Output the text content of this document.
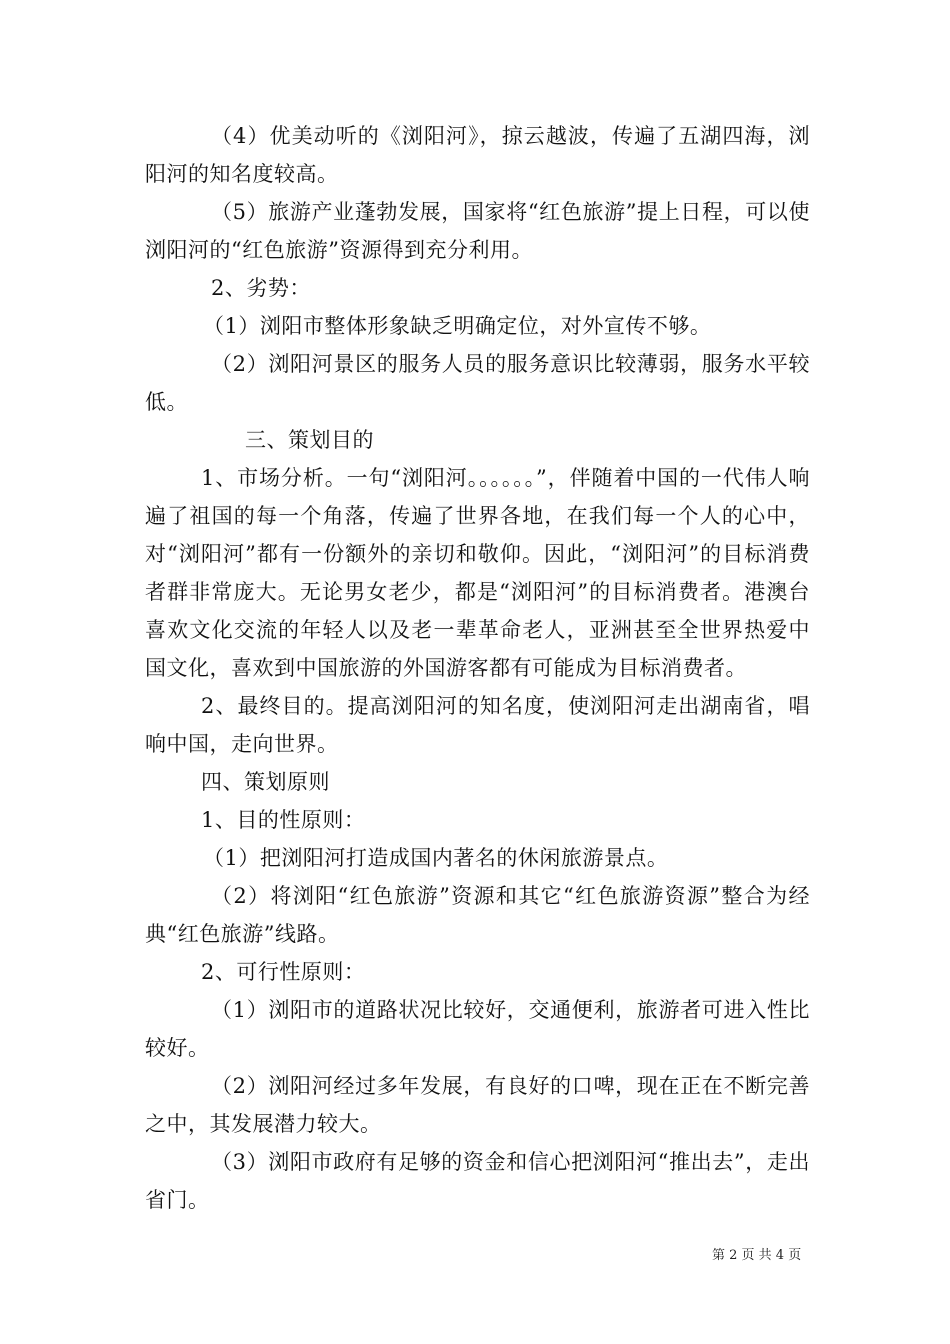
（4）优美动听的《浏阳河》，掠云越波，传遍了五湖四海，浏阳河的知名度较高。

（5）旅游产业蓬勃发展，国家将“红色旅游”提上日程，可以使浏阳河的“红色旅游”资源得到充分利用。

2、劣势：

（1）浏阳市整体形象缺乏明确定位，对外宣传不够。

（2）浏阳河景区的服务人员的服务意识比较薄弱，服务水平较低。

三、策划目的

1、市场分析。一句“浏阳河。。。。。。”，伴随着中国的一代伟人响遍了祖国的每一个角落，传遍了世界各地，在我们每一个人的心中，对“浏阳河”都有一份额外的亲切和敬仰。因此，“浏阳河”的目标消费者群非常庞大。无论男女老少，都是“浏阳河”的目标消费者。港澳台喜欢文化交流的年轻人以及老一辈革命老人，亚洲甚至全世界热爱中国文化，喜欢到中国旅游的外国游客都有可能成为目标消费者。

2、最终目的。提高浏阳河的知名度，使浏阳河走出湖南省，唱响中国，走向世界。

四、策划原则

1、目的性原则：

（1）把浏阳河打造成国内著名的休闲旅游景点。

（2）将浏阳“红色旅游”资源和其它“红色旅游资源”整合为经典“红色旅游”线路。

2、可行性原则：

（1）浏阳市的道路状况比较好，交通便利，旅游者可进入性比较好。

（2）浏阳河经过多年发展，有良好的口啤，现在正在不断完善之中，其发展潜力较大。

（3）浏阳市政府有足够的资金和信心把浏阳河“推出去”，走出省门。

第 2 页 共 4 页
